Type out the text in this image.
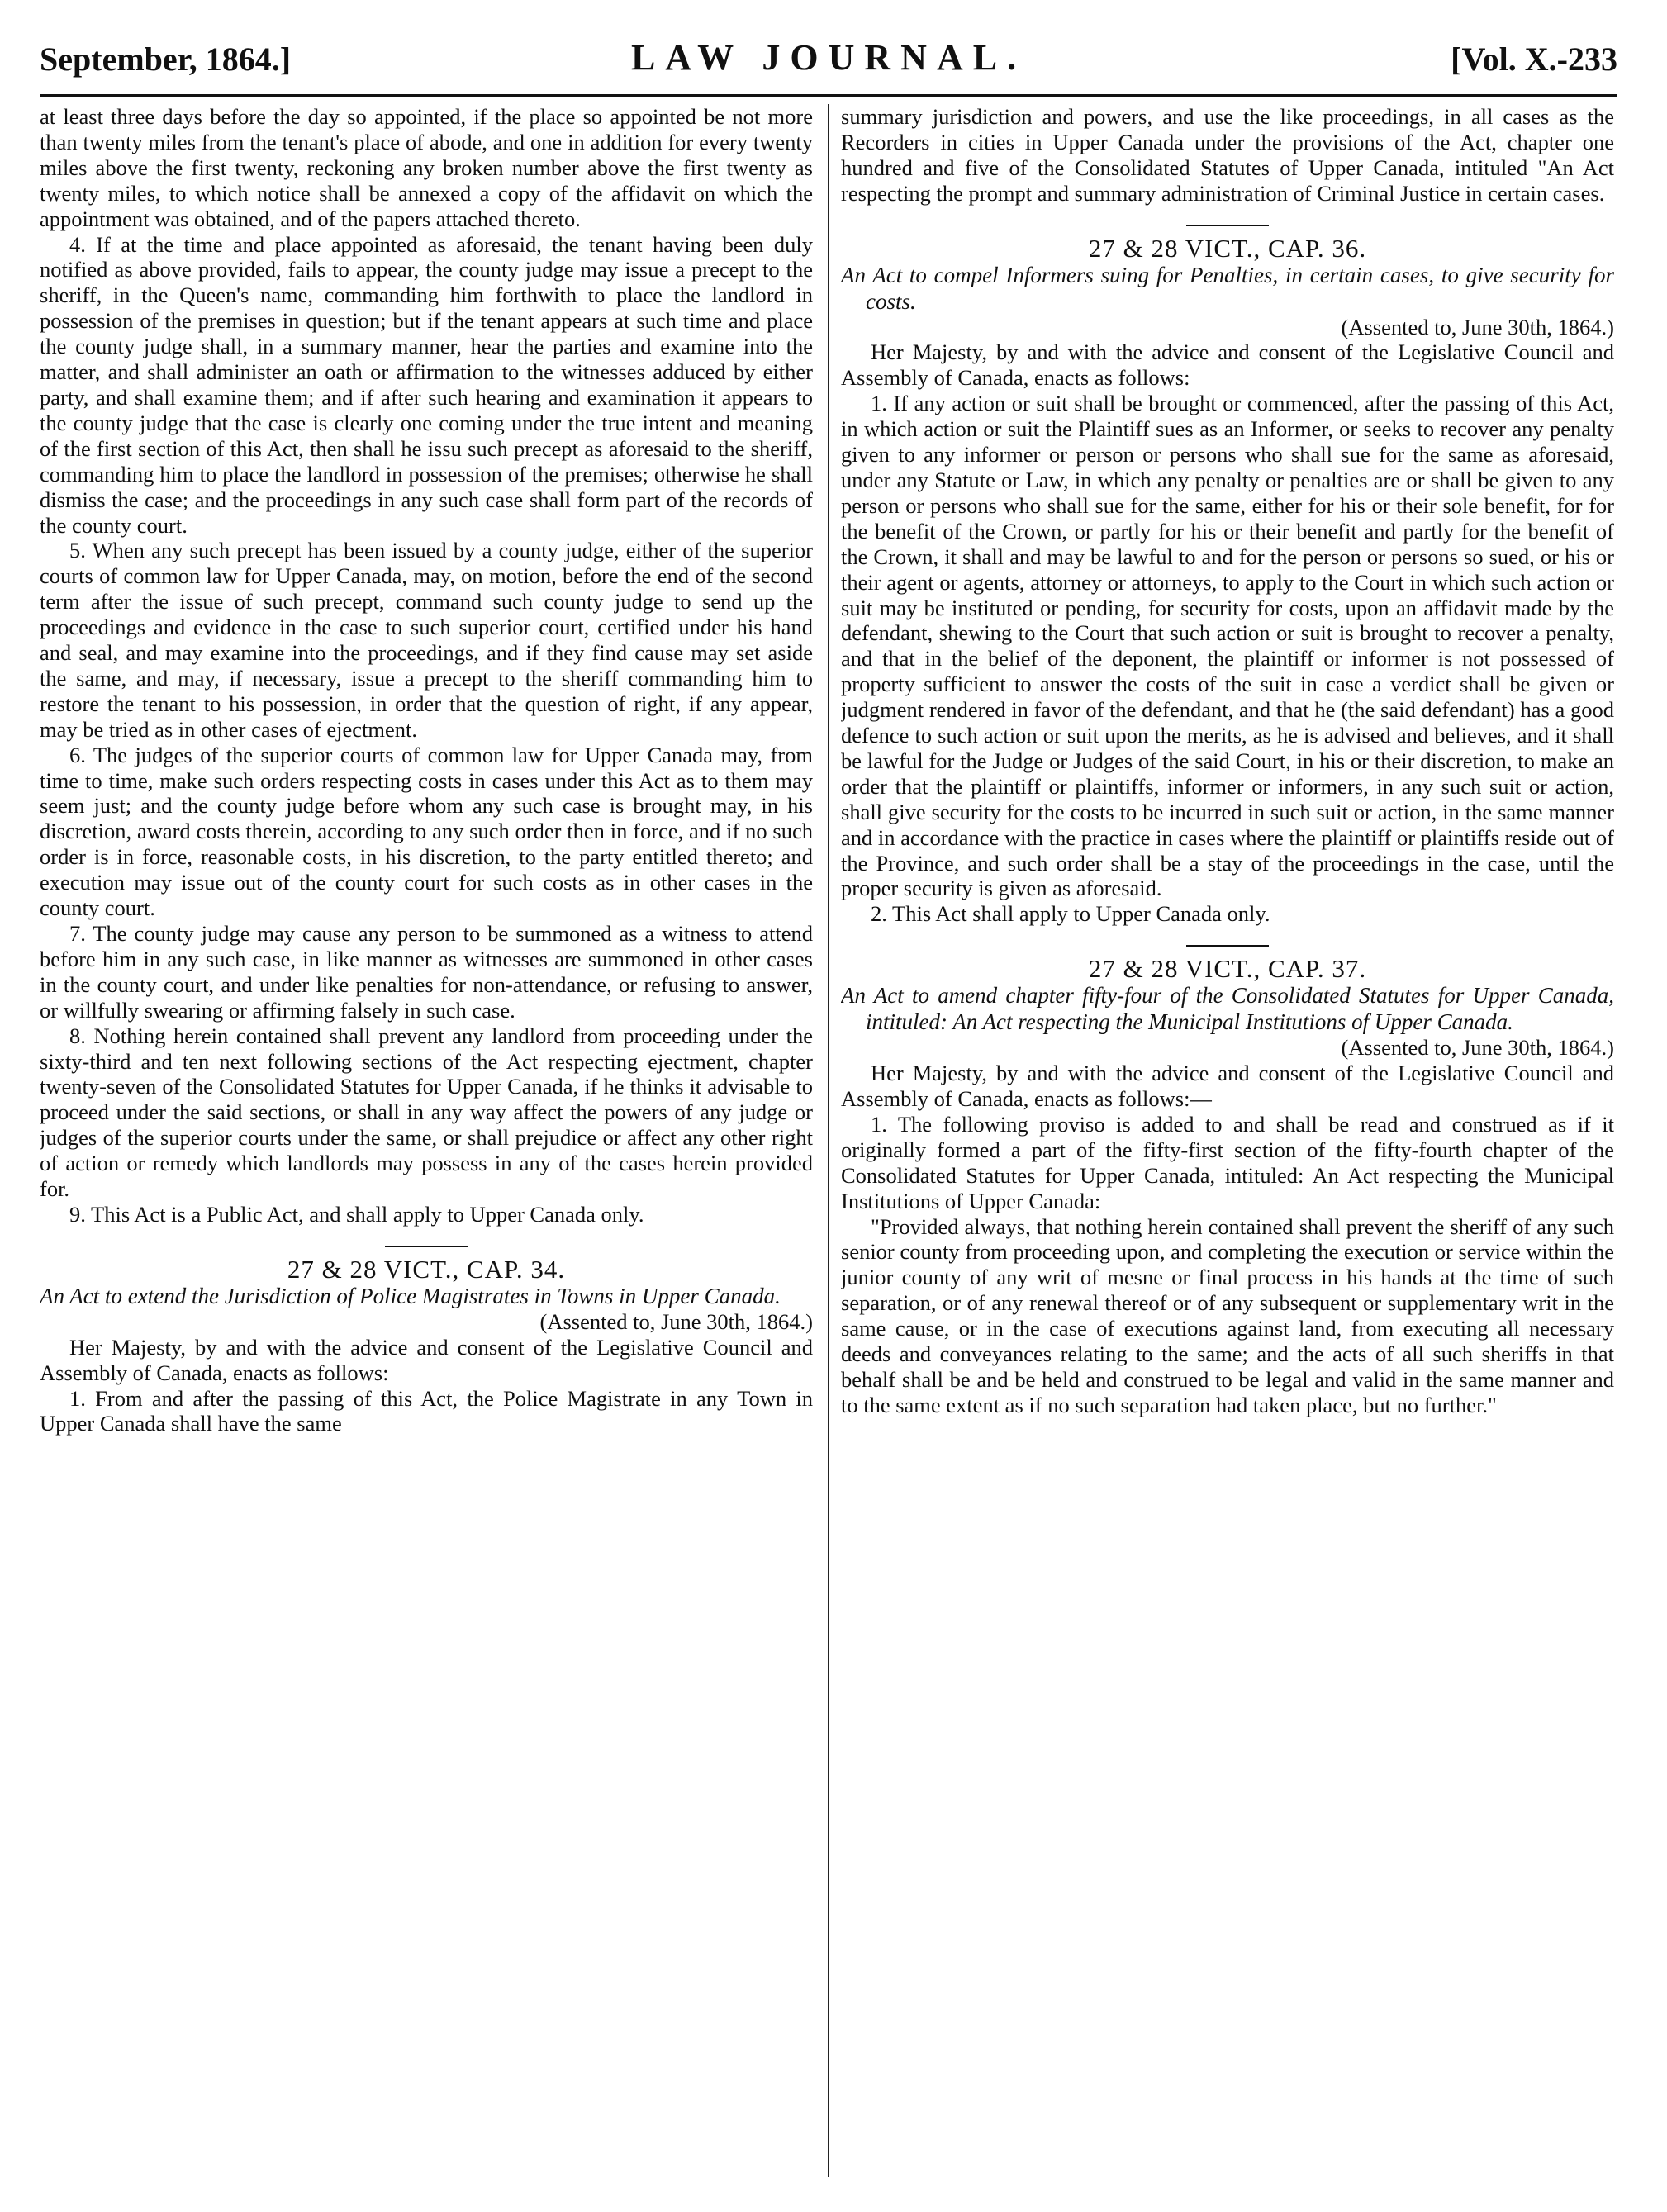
September, 1864.]	LAW JOURNAL.	[Vol. X.-233

at least three days before the day so appointed, if the place so appointed be not more than twenty miles from the tenant's place of abode, and one in addition for every twenty miles above the first twenty, reckoning any broken number above the first twenty as twenty miles, to which notice shall be annexed a copy of the affidavit on which the appointment was obtained, and of the papers attached thereto.

4. If at the time and place appointed as aforesaid, the tenant having been duly notified as above provided, fails to appear, the county judge may issue a precept to the sheriff, in the Queen's name, commanding him forthwith to place the landlord in possession of the premises in question; but if the tenant appears at such time and place the county judge shall, in a summary manner, hear the parties and examine into the matter, and shall administer an oath or affirmation to the witnesses adduced by either party, and shall examine them; and if after such hearing and examination it appears to the county judge that the case is clearly one coming under the true intent and meaning of the first section of this Act, then shall he issu such precept as aforesaid to the sheriff, commanding him to place the landlord in possession of the premises; otherwise he shall dismiss the case; and the proceedings in any such case shall form part of the records of the county court.

5. When any such precept has been issued by a county judge, either of the superior courts of common law for Upper Canada, may, on motion, before the end of the second term after the issue of such precept, command such county judge to send up the proceedings and evidence in the case to such superior court, certified under his hand and seal, and may examine into the proceedings, and if they find cause may set aside the same, and may, if necessary, issue a precept to the sheriff commanding him to restore the tenant to his possession, in order that the question of right, if any appear, may be tried as in other cases of ejectment.

6. The judges of the superior courts of common law for Upper Canada may, from time to time, make such orders respecting costs in cases under this Act as to them may seem just; and the county judge before whom any such case is brought may, in his discretion, award costs therein, according to any such order then in force, and if no such order is in force, reasonable costs, in his discretion, to the party entitled thereto; and execution may issue out of the county court for such costs as in other cases in the county court.

7. The county judge may cause any person to be summoned as a witness to attend before him in any such case, in like manner as witnesses are summoned in other cases in the county court, and under like penalties for non-attendance, or refusing to answer, or willfully swearing or affirming falsely in such case.

8. Nothing herein contained shall prevent any landlord from proceeding under the sixty-third and ten next following sections of the Act respecting ejectment, chapter twenty-seven of the Consolidated Statutes for Upper Canada, if he thinks it advisable to proceed under the said sections, or shall in any way affect the powers of any judge or judges of the superior courts under the same, or shall prejudice or affect any other right of action or remedy which landlords may possess in any of the cases herein provided for.

9. This Act is a Public Act, and shall apply to Upper Canada only.

27 & 28 VICT., CAP. 34.

An Act to extend the Jurisdiction of Police Magistrates in Towns in Upper Canada.

(Assented to, June 30th, 1864.)

Her Majesty, by and with the advice and consent of the Legislative Council and Assembly of Canada, enacts as follows:

1. From and after the passing of this Act, the Police Magistrate in any Town in Upper Canada shall have the same

summary jurisdiction and powers, and use the like proceedings, in all cases as the Recorders in cities in Upper Canada under the provisions of the Act, chapter one hundred and five of the Consolidated Statutes of Upper Canada, intituled "An Act respecting the prompt and summary administration of Criminal Justice in certain cases.

27 & 28 VICT., CAP. 36.

An Act to compel Informers suing for Penalties, in certain cases, to give security for costs.

(Assented to, June 30th, 1864.)

Her Majesty, by and with the advice and consent of the Legislative Council and Assembly of Canada, enacts as follows:

1. If any action or suit shall be brought or commenced, after the passing of this Act, in which action or suit the Plaintiff sues as an Informer, or seeks to recover any penalty given to any informer or person or persons who shall sue for the same as aforesaid, under any Statute or Law, in which any penalty or penalties are or shall be given to any person or persons who shall sue for the same, either for his or their sole benefit, for for the benefit of the Crown, or partly for his or their benefit and partly for the benefit of the Crown, it shall and may be lawful to and for the person or persons so sued, or his or their agent or agents, attorney or attorneys, to apply to the Court in which such action or suit may be instituted or pending, for security for costs, upon an affidavit made by the defendant, shewing to the Court that such action or suit is brought to recover a penalty, and that in the belief of the deponent, the plaintiff or informer is not possessed of property sufficient to answer the costs of the suit in case a verdict shall be given or judgment rendered in favor of the defendant, and that he (the said defendant) has a good defence to such action or suit upon the merits, as he is advised and believes, and it shall be lawful for the Judge or Judges of the said Court, in his or their discretion, to make an order that the plaintiff or plaintiffs, informer or informers, in any such suit or action, shall give security for the costs to be incurred in such suit or action, in the same manner and in accordance with the practice in cases where the plaintiff or plaintiffs reside out of the Province, and such order shall be a stay of the proceedings in the case, until the proper security is given as aforesaid.

2. This Act shall apply to Upper Canada only.

27 & 28 VICT., CAP. 37.

An Act to amend chapter fifty-four of the Consolidated Statutes for Upper Canada, intituled: An Act respecting the Municipal Institutions of Upper Canada.

(Assented to, June 30th, 1864.)

Her Majesty, by and with the advice and consent of the Legislative Council and Assembly of Canada, enacts as follows:—

1. The following proviso is added to and shall be read and construed as if it originally formed a part of the fifty-first section of the fifty-fourth chapter of the Consolidated Statutes for Upper Canada, intituled: An Act respecting the Municipal Institutions of Upper Canada:

"Provided always, that nothing herein contained shall prevent the sheriff of any such senior county from proceeding upon, and completing the execution or service within the junior county of any writ of mesne or final process in his hands at the time of such separation, or of any renewal thereof or of any subsequent or supplementary writ in the same cause, or in the case of executions against land, from executing all necessary deeds and conveyances relating to the same; and the acts of all such sheriffs in that behalf shall be and be held and construed to be legal and valid in the same manner and to the same extent as if no such separation had taken place, but no further."
